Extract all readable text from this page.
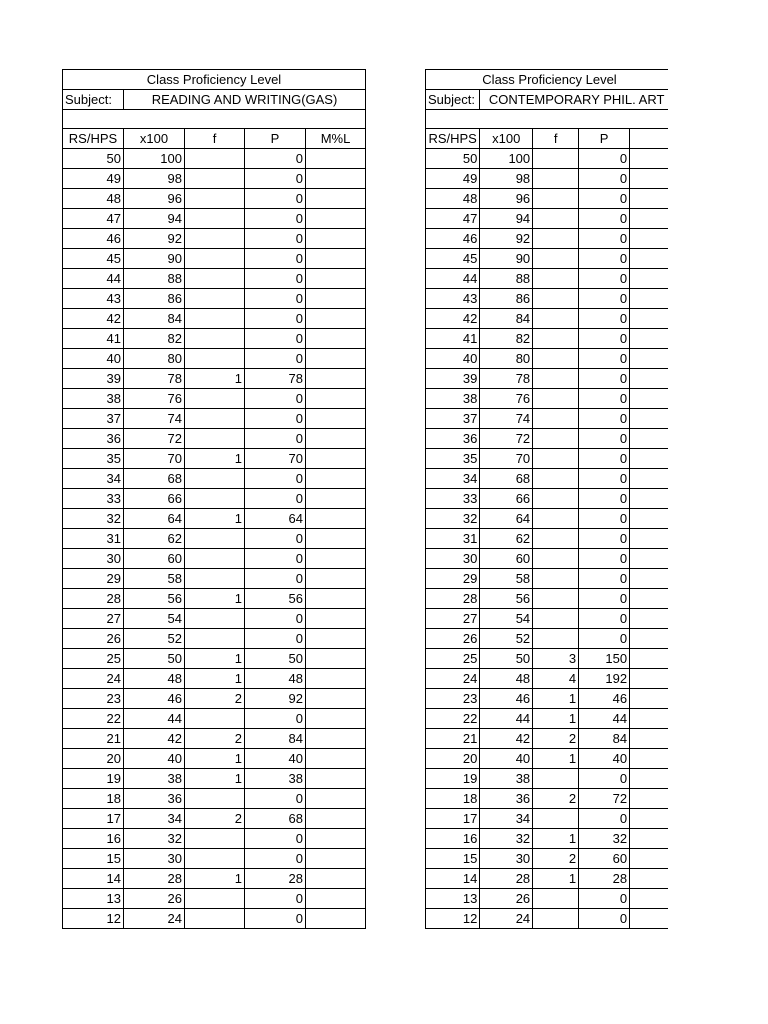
Class Proficiency Level				
Subject:	READING AND WRITING(GAS)			

RS/HPS	x100	f	P	M%L
50	100		0	
49	98		0	
48	96		0	
47	94		0	
46	92		0	
45	90		0	
44	88		0	
43	86		0	
42	84		0	
41	82		0	
40	80		0	
39	78	1	78	
38	76		0	
37	74		0	
36	72		0	
35	70	1	70	
34	68		0	
33	66		0	
32	64	1	64	
31	62		0	
30	60		0	
29	58		0	
28	56	1	56	
27	54		0	
26	52		0	
25	50	1	50	
24	48	1	48	
23	46	2	92	
22	44		0	
21	42	2	84	
20	40	1	40	
19	38	1	38	
18	36		0	
17	34	2	68	
16	32		0	
15	30		0	
14	28	1	28	
13	26		0	
12	24		0	
Class Proficiency Level				
Subject:	CONTEMPORARY PHIL. ART			

RS/HPS	x100	f	P	
50	100		0	
49	98		0	
48	96		0	
47	94		0	
46	92		0	
45	90		0	
44	88		0	
43	86		0	
42	84		0	
41	82		0	
40	80		0	
39	78		0	
38	76		0	
37	74		0	
36	72		0	
35	70		0	
34	68		0	
33	66		0	
32	64		0	
31	62		0	
30	60		0	
29	58		0	
28	56		0	
27	54		0	
26	52		0	
25	50	3	150	
24	48	4	192	
23	46	1	46	
22	44	1	44	
21	42	2	84	
20	40	1	40	
19	38		0	
18	36	2	72	
17	34		0	
16	32	1	32	
15	30	2	60	
14	28	1	28	
13	26		0	
12	24		0	
